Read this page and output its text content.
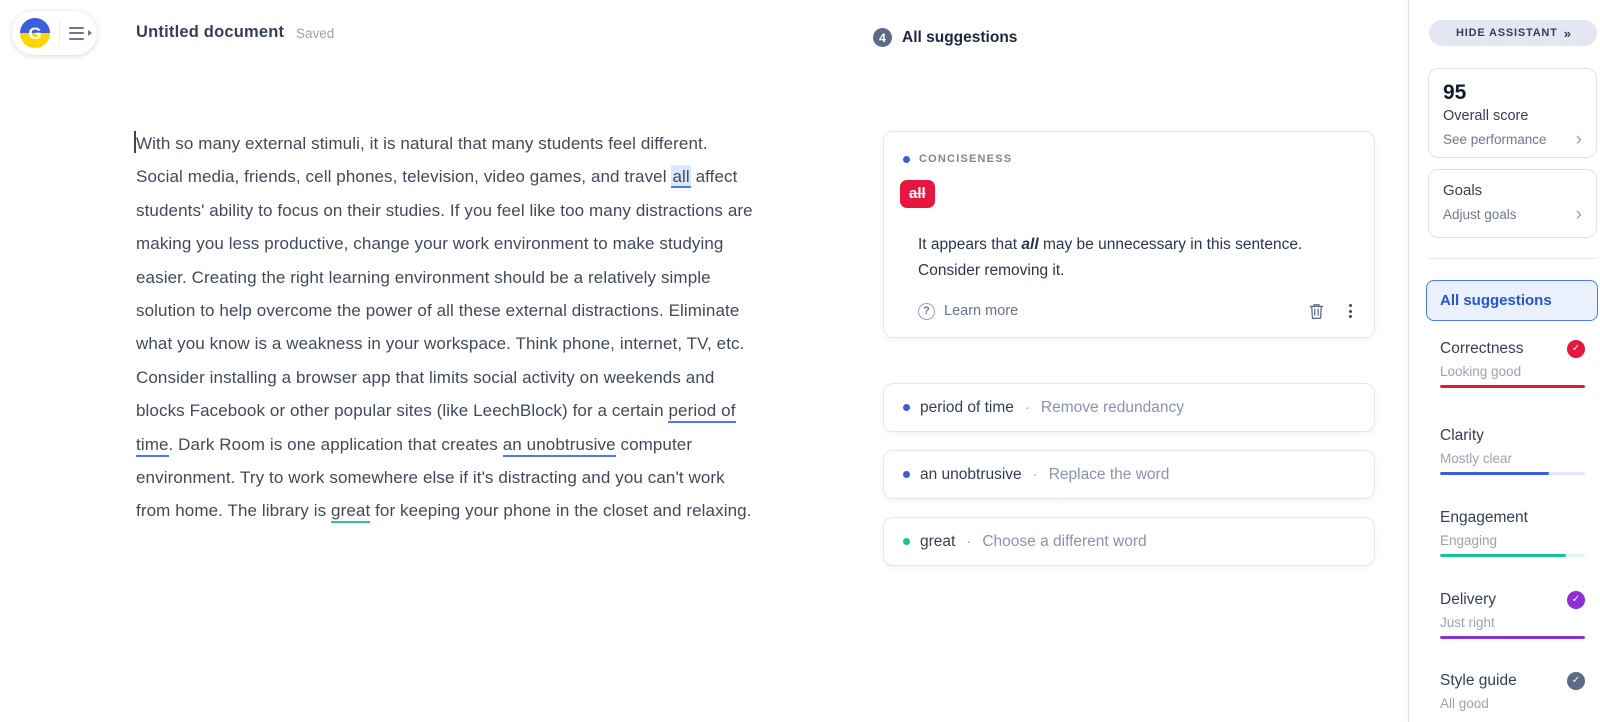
G	Untitled document Saved
With so many external stimuli, it is natural that many students feel different. Social media, friends, cell phones, television, video games, and travel all affect students' ability to focus on their studies. If you feel like too many distractions are making you less productive, change your work environment to make studying easier. Creating the right learning environment should be a relatively simple solution to help overcome the power of all these external distractions. Eliminate what you know is a weakness in your workspace. Think phone, internet, TV, etc. Consider installing a browser app that limits social activity on weekends and blocks Facebook or other popular sites (like LeechBlock) for a certain period of time. Dark Room is one application that creates an unobtrusive computer environment. Try to work somewhere else if it's distracting and you can't work from home. The library is great for keeping your phone in the closet and relaxing.
4	All suggestions
CONCISENESS
all
It appears that all may be unnecessary in this sentence. Consider removing it.
? Learn more
period of time · Remove redundancy
an unobtrusive · Replace the word
great · Choose a different word
HIDE ASSISTANT »
95
Overall score
See performance	›
Goals
Adjust goals	›
All suggestions
Correctness	✓
Looking good
Clarity
Mostly clear
Engagement
Engaging
Delivery	✓
Just right
Style guide	✓
All good
